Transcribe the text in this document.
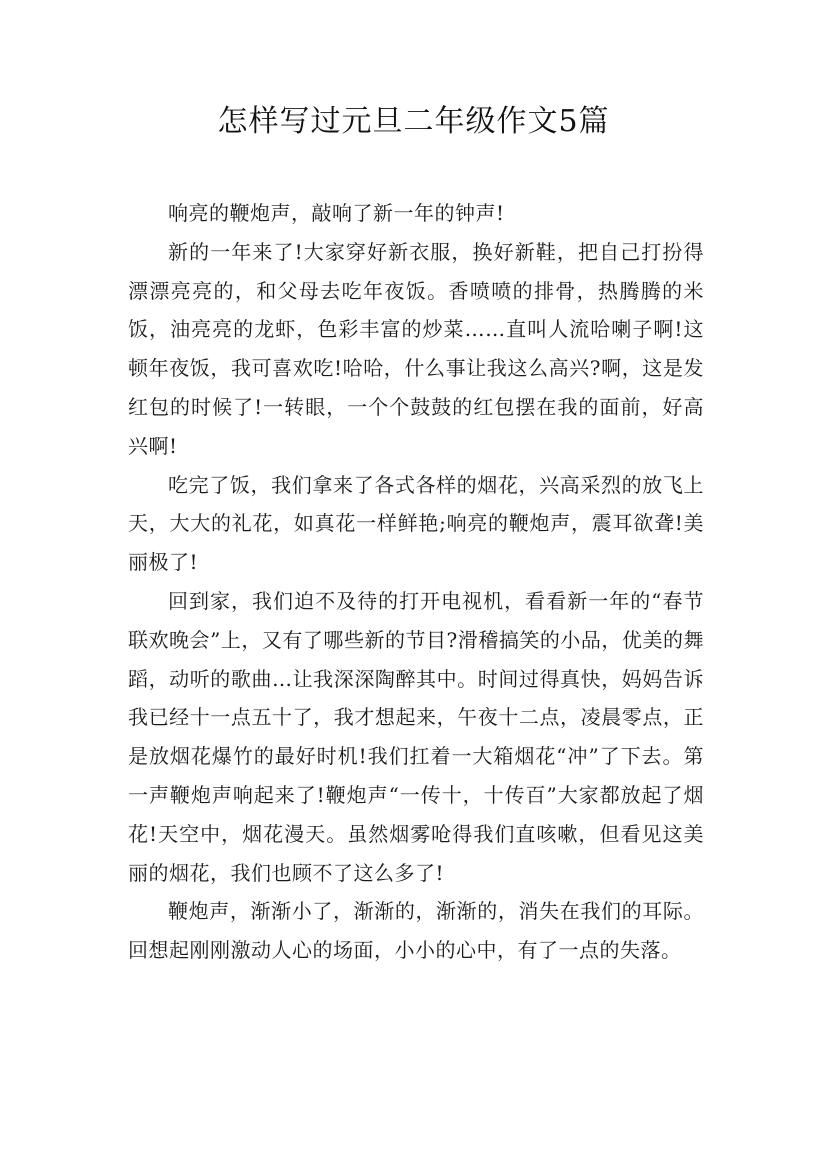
怎样写过元旦二年级作文5篇

响亮的鞭炮声，敲响了新一年的钟声!

新的一年来了!大家穿好新衣服，换好新鞋，把自己打扮得漂漂亮亮的，和父母去吃年夜饭。香喷喷的排骨，热腾腾的米饭，油亮亮的龙虾，色彩丰富的炒菜……直叫人流哈喇子啊!这顿年夜饭，我可喜欢吃!哈哈，什么事让我这么高兴?啊，这是发红包的时候了!一转眼，一个个鼓鼓的红包摆在我的面前，好高兴啊!

吃完了饭，我们拿来了各式各样的烟花，兴高采烈的放飞上天，大大的礼花，如真花一样鲜艳;响亮的鞭炮声，震耳欲聋!美丽极了!

回到家，我们迫不及待的打开电视机，看看新一年的“春节联欢晚会”上，又有了哪些新的节目?滑稽搞笑的小品，优美的舞蹈，动听的歌曲…让我深深陶醉其中。时间过得真快，妈妈告诉我已经十一点五十了，我才想起来，午夜十二点，凌晨零点，正是放烟花爆竹的最好时机!我们扛着一大箱烟花“冲”了下去。第一声鞭炮声响起来了!鞭炮声“一传十，十传百”大家都放起了烟花!天空中，烟花漫天。虽然烟雾呛得我们直咳嗽，但看见这美丽的烟花，我们也顾不了这么多了!

鞭炮声，渐渐小了，渐渐的，渐渐的，消失在我们的耳际。回想起刚刚激动人心的场面，小小的心中，有了一点的失落。
